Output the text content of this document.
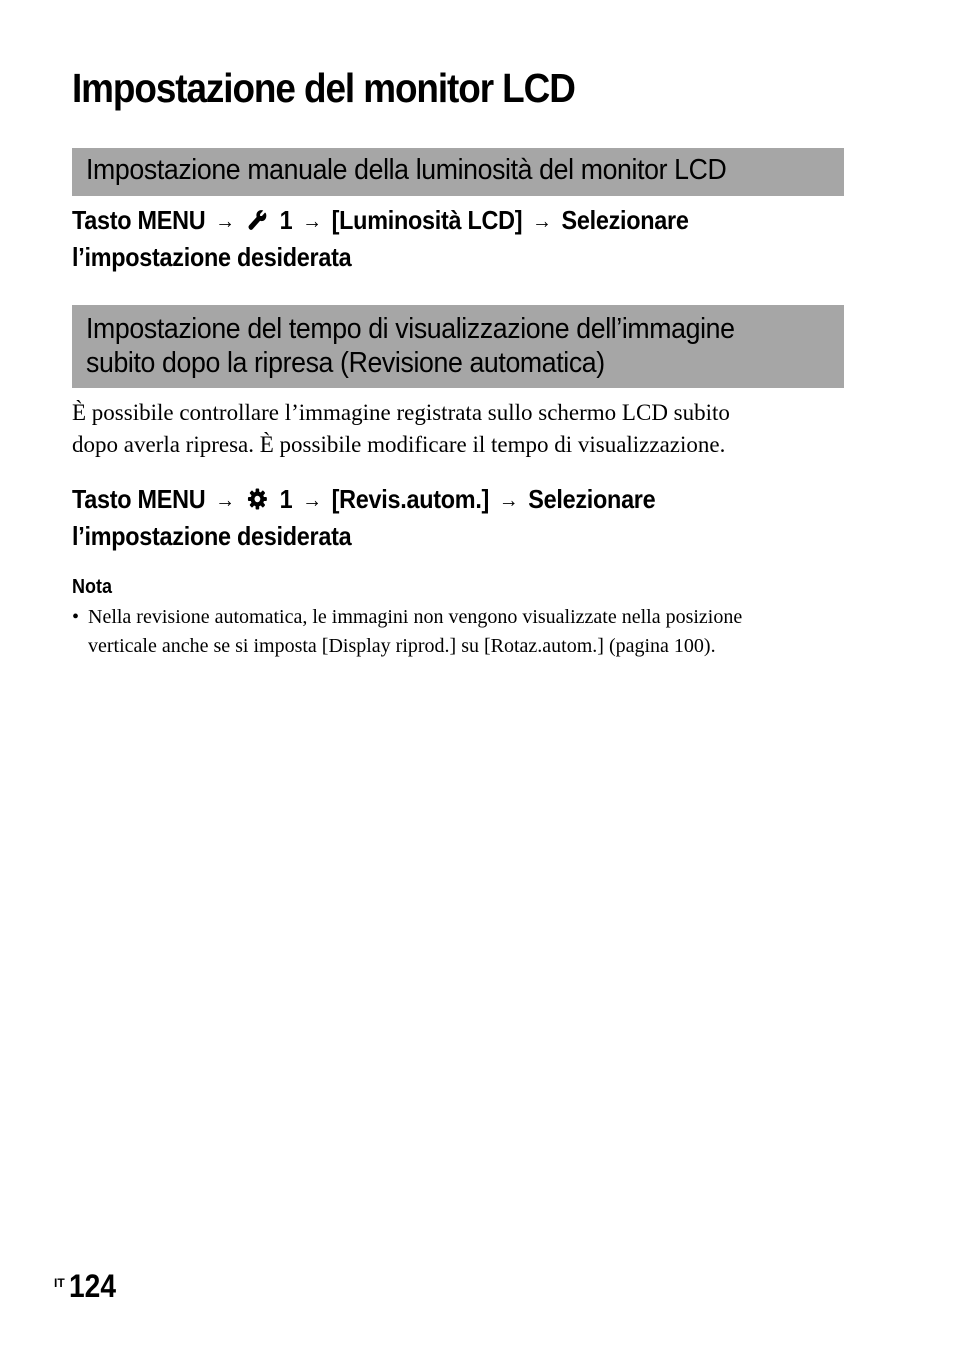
Impostazione del monitor LCD
Impostazione manuale della luminosità del monitor LCD

Tasto MENU → 1 → [Luminosità LCD] → Selezionare
l’impostazione desiderata

Impostazione del tempo di visualizzazione dell’immagine
subito dopo la ripresa (Revisione automatica)

È possibile controllare l’immagine registrata sullo schermo LCD subito
dopo averla ripresa. È possibile modificare il tempo di visualizzazione.

Tasto MENU → 1 → [Revis.autom.] → Selezionare
l’impostazione desiderata

Nota

• Nella revisione automatica, le immagini non vengono visualizzate nella posizione
verticale anche se si imposta [Display riprod.] su [Rotaz.autom.] (pagina 100).

IT 124
